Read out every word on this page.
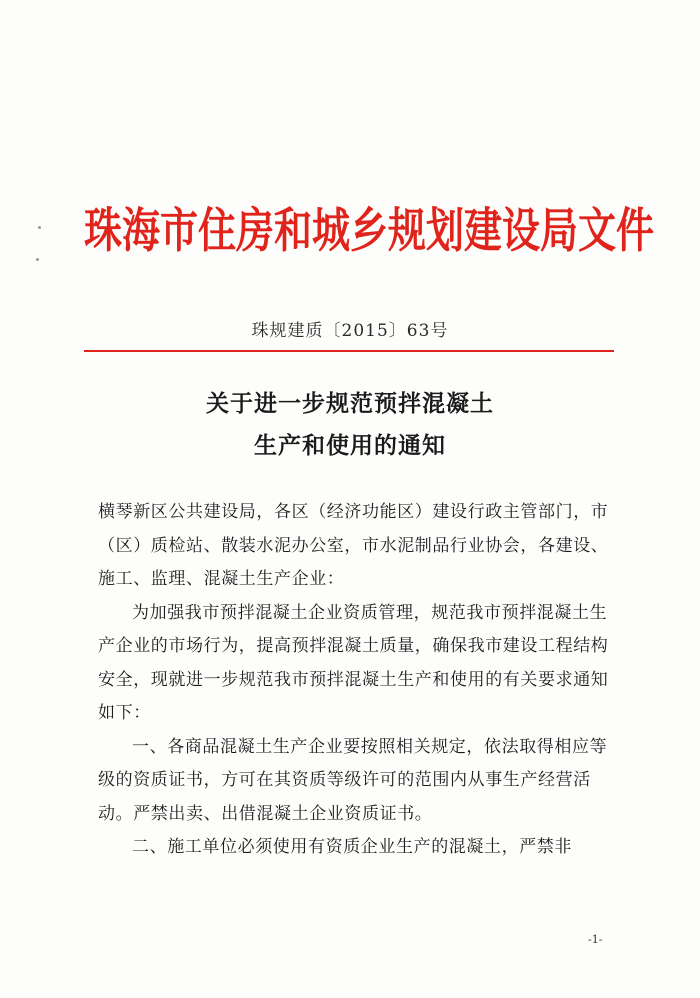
珠海市住房和城乡规划建设局文件
珠规建质〔2015〕63号
关于进一步规范预拌混凝土
生产和使用的通知

横琴新区公共建设局，各区（经济功能区）建设行政主管部门，市（区）质检站、散装水泥办公室，市水泥制品行业协会，各建设、施工、监理、混凝土生产企业：

为加强我市预拌混凝土企业资质管理，规范我市预拌混凝土生产企业的市场行为，提高预拌混凝土质量，确保我市建设工程结构安全，现就进一步规范我市预拌混凝土生产和使用的有关要求通知如下：

一、各商品混凝土生产企业要按照相关规定，依法取得相应等级的资质证书，方可在其资质等级许可的范围内从事生产经营活动。严禁出卖、出借混凝土企业资质证书。

二、施工单位必须使用有资质企业生产的混凝土，严禁非

-1-
